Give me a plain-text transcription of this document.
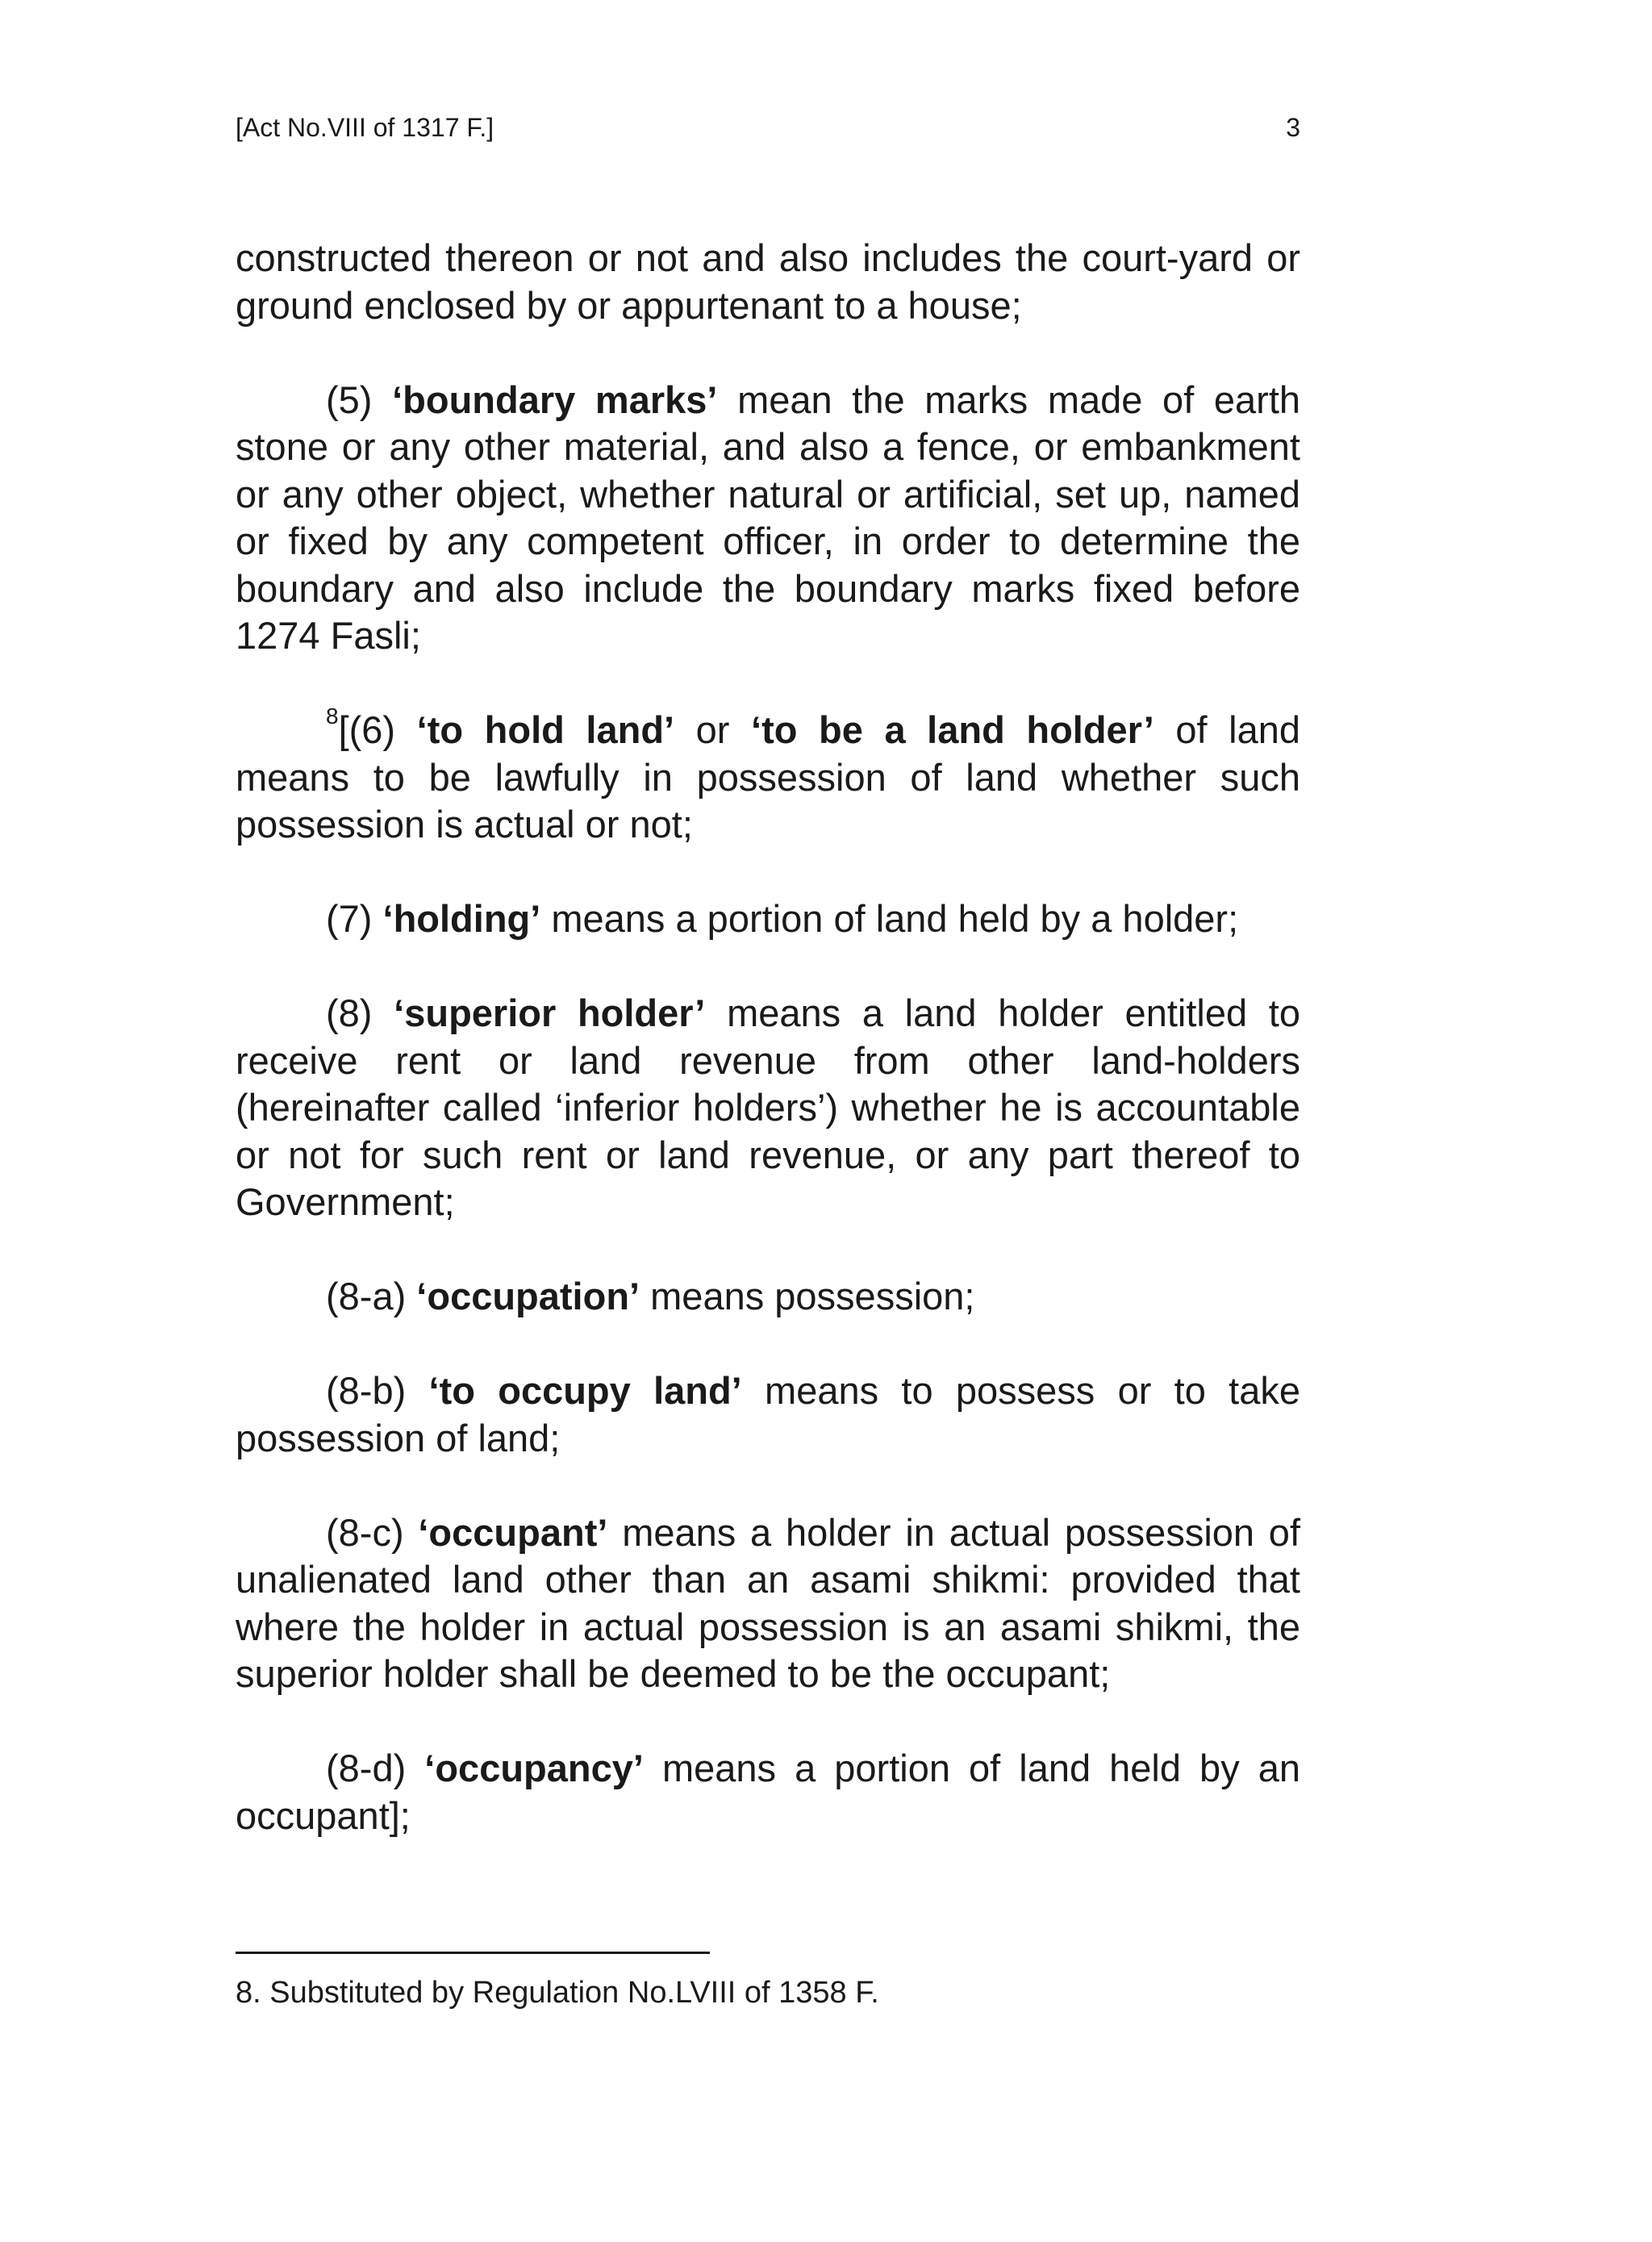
[Act No.VIII of 1317 F.]	3

constructed thereon or not and also includes the court-yard or ground enclosed by or appurtenant to a house;

(5) ‘boundary marks’ mean the marks made of earth stone or any other material, and also a fence, or embankment or any other object, whether natural or artificial, set up, named or fixed by any competent officer, in order to determine the boundary and also include the boundary marks fixed before 1274 Fasli;

$^8$[(6) ‘to hold land’ or ‘to be a land holder’ of land means to be lawfully in possession of land whether such possession is actual or not;

(7) ‘holding’ means a portion of land held by a holder;

(8) ‘superior holder’ means a land holder entitled to receive rent or land revenue from other land-holders (hereinafter called ‘inferior holders’) whether he is accountable or not for such rent or land revenue, or any part thereof to Government;

(8-a) ‘occupation’ means possession;

(8-b) ‘to occupy land’ means to possess or to take possession of land;

(8-c) ‘occupant’ means a holder in actual possession of unalienated land other than an asami shikmi: provided that where the holder in actual possession is an asami shikmi, the superior holder shall be deemed to be the occupant;

(8-d) ‘occupancy’ means a portion of land held by an occupant];

8. Substituted by Regulation No.LVIII of 1358 F.
